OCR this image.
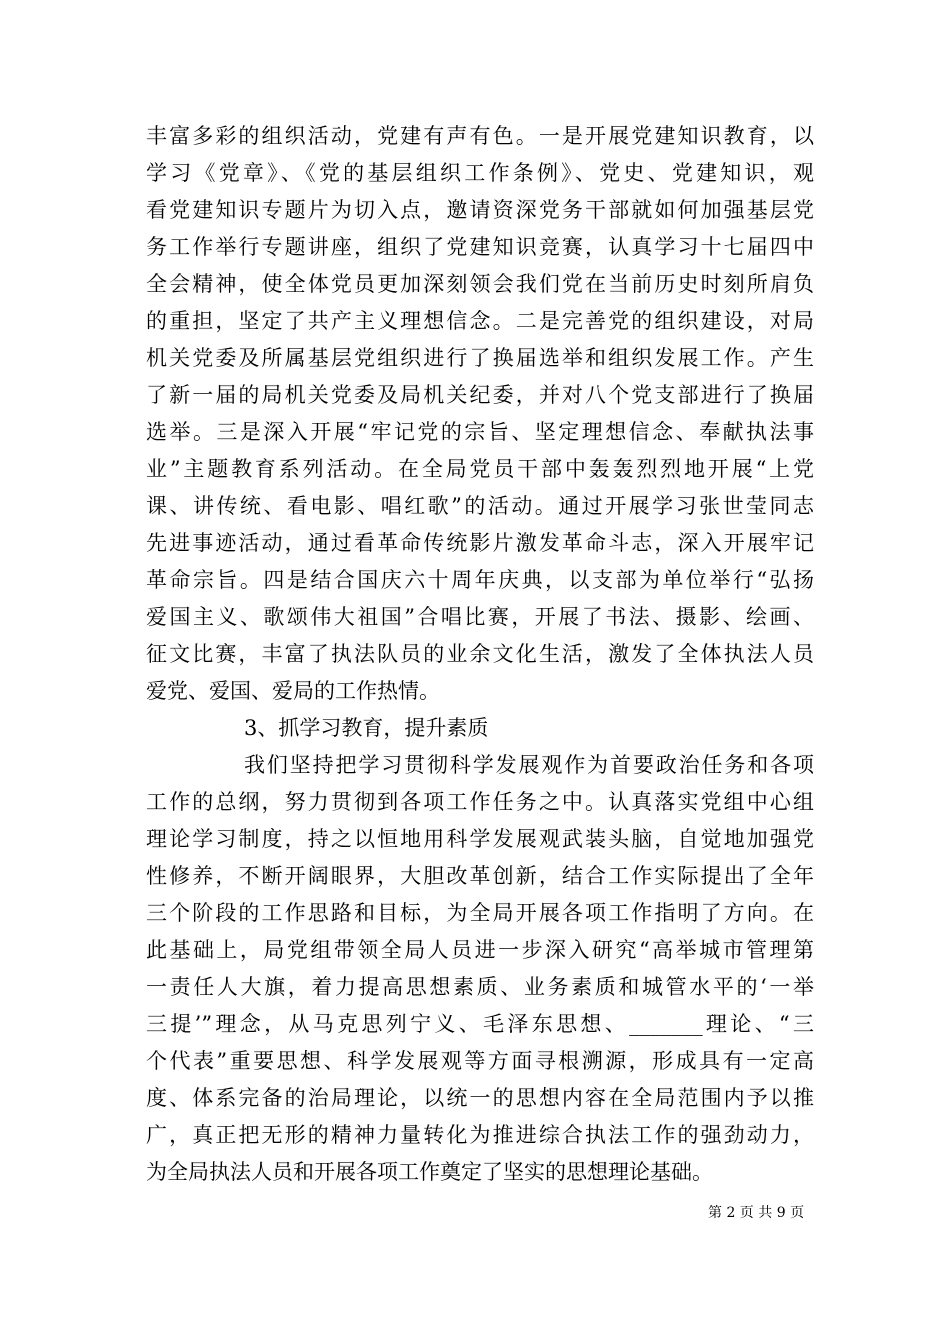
丰富多彩的组织活动，党建有声有色。一是开展党建知识教育，以
学习《党章》、《党的基层组织工作条例》、党史、党建知识，观
看党建知识专题片为切入点，邀请资深党务干部就如何加强基层党
务工作举行专题讲座，组织了党建知识竞赛，认真学习十七届四中
全会精神，使全体党员更加深刻领会我们党在当前历史时刻所肩负
的重担，坚定了共产主义理想信念。二是完善党的组织建设，对局
机关党委及所属基层党组织进行了换届选举和组织发展工作。产生
了新一届的局机关党委及局机关纪委，并对八个党支部进行了换届
选举。三是深入开展“牢记党的宗旨、坚定理想信念、奉献执法事
业”主题教育系列活动。在全局党员干部中轰轰烈烈地开展“上党
课、讲传统、看电影、唱红歌”的活动。通过开展学习张世莹同志
先进事迹活动，通过看革命传统影片激发革命斗志，深入开展牢记
革命宗旨。四是结合国庆六十周年庆典，以支部为单位举行“弘扬
爱国主义、歌颂伟大祖国”合唱比赛，开展了书法、摄影、绘画、
征文比赛，丰富了执法队员的业余文化生活，激发了全体执法人员
爱党、爱国、爱局的工作热情。
3、抓学习教育，提升素质
我们坚持把学习贯彻科学发展观作为首要政治任务和各项
工作的总纲，努力贯彻到各项工作任务之中。认真落实党组中心组
理论学习制度，持之以恒地用科学发展观武装头脑，自觉地加强党
性修养，不断开阔眼界，大胆改革创新，结合工作实际提出了全年
三个阶段的工作思路和目标，为全局开展各项工作指明了方向。在
此基础上，局党组带领全局人员进一步深入研究“高举城市管理第
一责任人大旗，着力提高思想素质、业务素质和城管水平的‘一举
三提’”理念，从马克思列宁义、毛泽东思想、_______理论、“三
个代表”重要思想、科学发展观等方面寻根溯源，形成具有一定高
度、体系完备的治局理论，以统一的思想内容在全局范围内予以推
广，真正把无形的精神力量转化为推进综合执法工作的强劲动力，
为全局执法人员和开展各项工作奠定了坚实的思想理论基础。
第 2 页 共 9 页
